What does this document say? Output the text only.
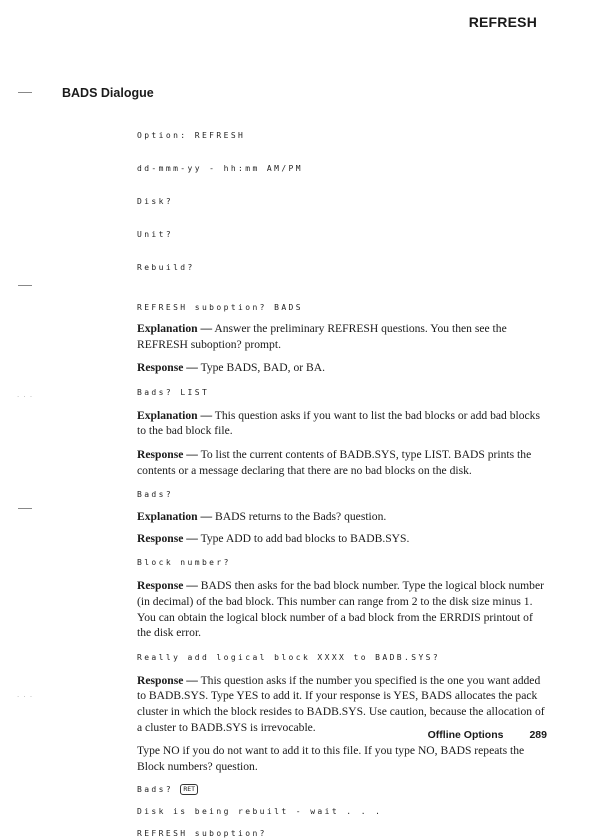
REFRESH
· · ·
· · ·
BADS Dialogue

Option: REFRESH

dd-mmm-yy - hh:mm AM/PM

Disk?

Unit?

Rebuild?

REFRESH suboption? BADS

Explanation — Answer the preliminary REFRESH questions. You then see the REFRESH suboption? prompt.

Response — Type BADS, BAD, or BA.

Bads? LIST

Explanation — This question asks if you want to list the bad blocks or add bad blocks to the bad block file.

Response — To list the current contents of BADB.SYS, type LIST. BADS prints the contents or a message declaring that there are no bad blocks on the disk.

Bads?

Explanation — BADS returns to the Bads? question.

Response — Type ADD to add bad blocks to BADB.SYS.

Block number?

Response — BADS then asks for the bad block number. Type the logical block number (in decimal) of the bad block. This number can range from 2 to the disk size minus 1. You can obtain the logical block number of a bad block from the ERRDIS printout of the disk error.

Really add logical block XXXX to BADB.SYS?

Response — This question asks if the number you specified is the one you want added to BADB.SYS. Type YES to add it. If your response is YES, BADS allocates the pack cluster in which the block resides to BADB.SYS. Use caution, because the allocation of a cluster to BADB.SYS is irrevocable.

Type NO if you do not want to add it to this file. If you type NO, BADS repeats the Block numbers? question.

Bads? RET
Disk is being rebuilt - wait . . .
REFRESH suboption?
Offline Options 289
